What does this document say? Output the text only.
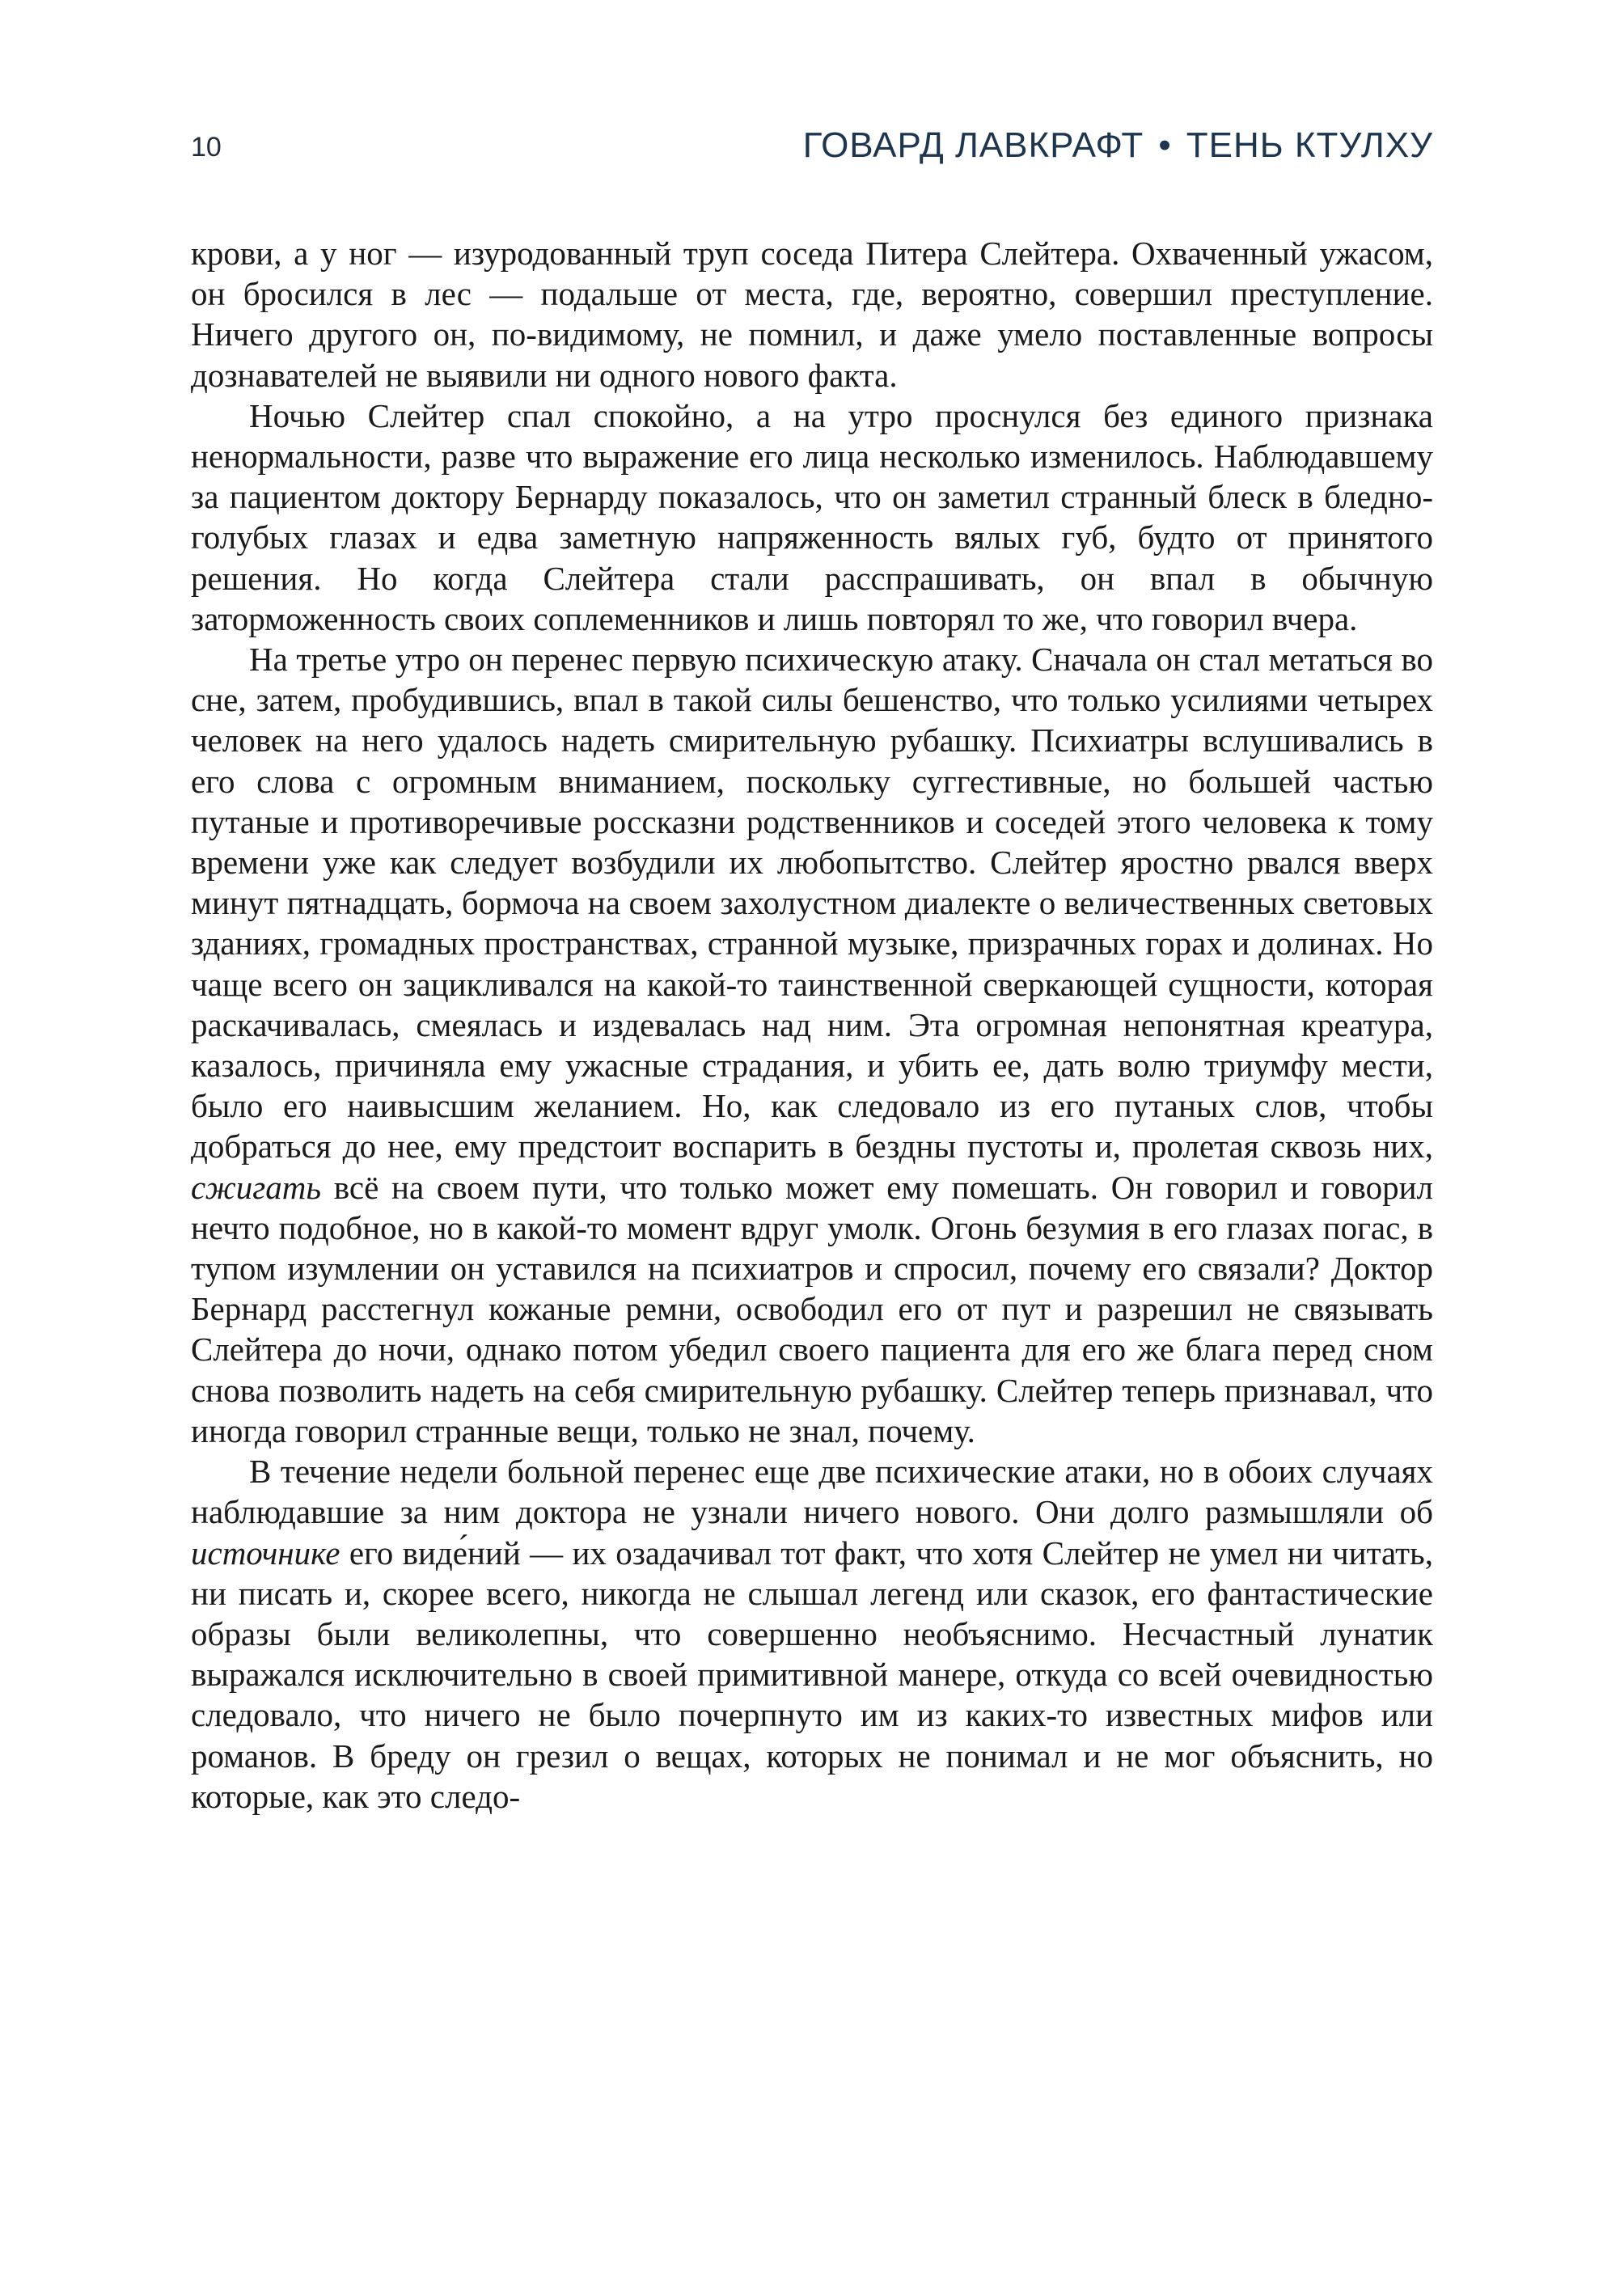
10	ГОВАРД ЛАВКРАФТ • ТЕНЬ КТУЛХУ

крови, а у ног — изуродованный труп соседа Питера Слейтера. Охваченный ужасом, он бросился в лес — подальше от места, где, вероятно, совершил преступление. Ничего другого он, по-видимому, не помнил, и даже умело поставленные вопросы дознавателей не выявили ни одного нового факта.

Ночью Слейтер спал спокойно, а на утро проснулся без единого признака ненормальности, разве что выражение его лица несколько изменилось. Наблюдавшему за пациентом доктору Бернарду показалось, что он заметил странный блеск в бледно-голубых глазах и едва заметную напряженность вялых губ, будто от принятого решения. Но когда Слейтера стали расспрашивать, он впал в обычную заторможенность своих соплеменников и лишь повторял то же, что говорил вчера.

На третье утро он перенес первую психическую атаку. Сначала он стал метаться во сне, затем, пробудившись, впал в такой силы бешенство, что только усилиями четырех человек на него удалось надеть смирительную рубашку. Психиатры вслушивались в его слова с огромным вниманием, поскольку суггестивные, но большей частью путаные и противоречивые россказни родственников и соседей этого человека к тому времени уже как следует возбудили их любопытство. Слейтер яростно рвался вверх минут пятнадцать, бормоча на своем захолустном диалекте о величественных световых зданиях, громадных пространствах, странной музыке, призрачных горах и долинах. Но чаще всего он зацикливался на какой-то таинственной сверкающей сущности, которая раскачивалась, смеялась и издевалась над ним. Эта огромная непонятная креатура, казалось, причиняла ему ужасные страдания, и убить ее, дать волю триумфу мести, было его наивысшим желанием. Но, как следовало из его путаных слов, чтобы добраться до нее, ему предстоит воспарить в бездны пустоты и, пролетая сквозь них, сжигать всё на своем пути, что только может ему помешать. Он говорил и говорил нечто подобное, но в какой-то момент вдруг умолк. Огонь безумия в его глазах погас, в тупом изумлении он уставился на психиатров и спросил, почему его связали? Доктор Бернард расстегнул кожаные ремни, освободил его от пут и разрешил не связывать Слейтера до ночи, однако потом убедил своего пациента для его же блага перед сном снова позволить надеть на себя смирительную рубашку. Слейтер теперь признавал, что иногда говорил странные вещи, только не знал, почему.

В течение недели больной перенес еще две психические атаки, но в обоих случаях наблюдавшие за ним доктора не узнали ничего нового. Они долго размышляли об источнике его виде́ний — их озадачивал тот факт, что хотя Слейтер не умел ни читать, ни писать и, скорее всего, никогда не слышал легенд или сказок, его фантастические образы были великолепны, что совершенно необъяснимо. Несчастный лунатик выражался исключительно в своей примитивной манере, откуда со всей очевидностью следовало, что ничего не было почерпнуто им из каких-то известных мифов или романов. В бреду он грезил о вещах, которых не понимал и не мог объяснить, но которые, как это следо-
